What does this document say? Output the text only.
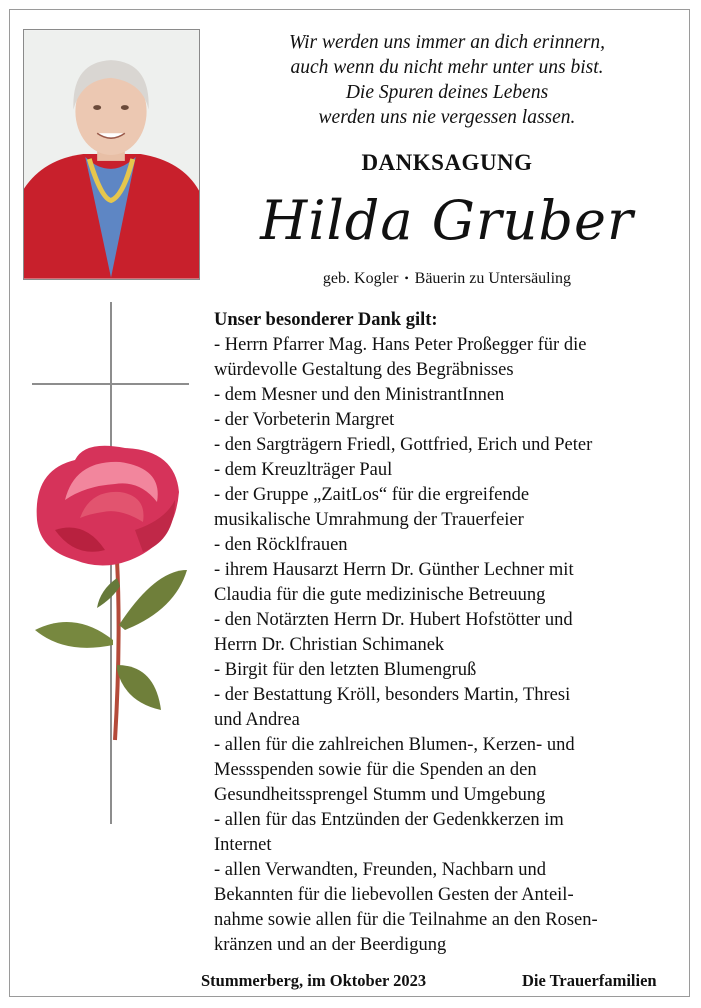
Wir werden uns immer an dich erinnern,
auch wenn du nicht mehr unter uns bist.
Die Spuren deines Lebens
werden uns nie vergessen lassen.
DANKSAGUNG
Hilda Gruber
geb. Kogler • Bäuerin zu Untersäuling
Unser besonderer Dank gilt:
- Herrn Pfarrer Mag. Hans Peter Proßegger für die
würdevolle Gestaltung des Begräbnisses
- dem Mesner und den MinistrantInnen
- der Vorbeterin Margret
- den Sargträgern Friedl, Gottfried, Erich und Peter
- dem Kreuzlträger Paul
- der Gruppe „ZaitLos“ für die ergreifende
musikalische Umrahmung der Trauerfeier
- den Röcklfrauen
- ihrem Hausarzt Herrn Dr. Günther Lechner mit
Claudia für die gute medizinische Betreuung
- den Notärzten Herrn Dr. Hubert Hofstötter und
Herrn Dr. Christian Schimanek
- Birgit für den letzten Blumengruß
- der Bestattung Kröll, besonders Martin, Thresi
und Andrea
- allen für die zahlreichen Blumen-, Kerzen- und
Messspenden sowie für die Spenden an den
Gesundheitssprengel Stumm und Umgebung
- allen für das Entzünden der Gedenkkerzen im
Internet
- allen Verwandten, Freunden, Nachbarn und
Bekannten für die liebevollen Gesten der Anteil-
nahme sowie allen für die Teilnahme an den Rosen-
kränzen und an der Beerdigung
Stummerberg, im Oktober 2023	Die Trauerfamilien
